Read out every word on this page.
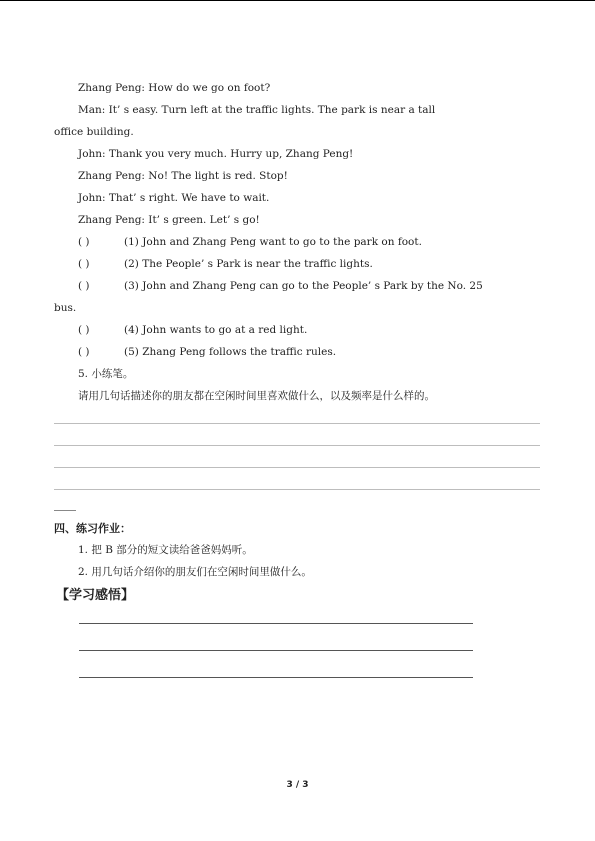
Zhang Peng: How do we go on foot?
Man: It’ s easy. Turn left at the traffic lights. The park is near a tall
office building.
John: Thank you very much. Hurry up, Zhang Peng!
Zhang Peng: No! The light is red. Stop!
John: That’ s right. We have to wait.
Zhang Peng: It’ s green. Let’ s go!
( )	(1) John and Zhang Peng want to go to the park on foot.
( )	(2) The People’ s Park is near the traffic lights.
( )	(3) John and Zhang Peng can go to the People’ s Park by the No. 25
bus.
( )	(4) John wants to go at a red light.
( )	(5) Zhang Peng follows the traffic rules.
5. 小练笔。
请用几句话描述你的朋友都在空闲时间里喜欢做什么，以及频率是什么样的。
四、练习作业：
1. 把 B 部分的短文读给爸爸妈妈听。
2. 用几句话介绍你的朋友们在空闲时间里做什么。
【学习感悟】
3 / 3
